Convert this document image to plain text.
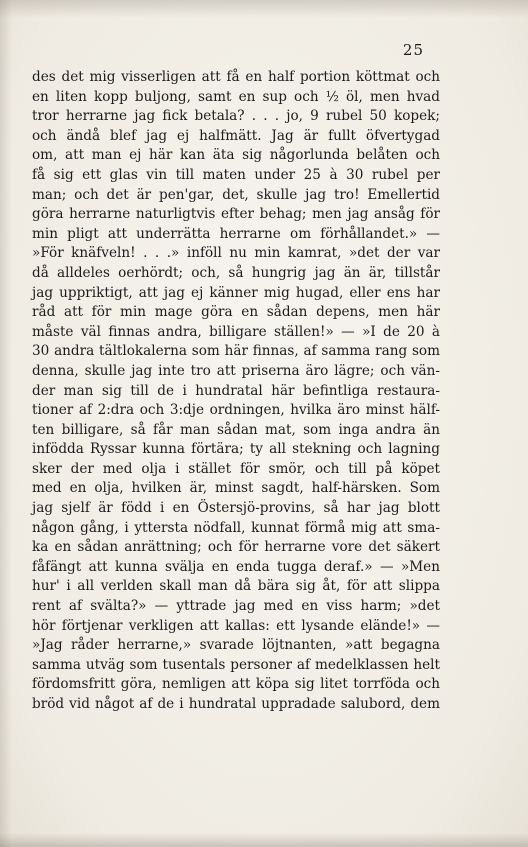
25
des det mig visserligen att få en half portion köttmat och
en liten kopp buljong, samt en sup och ½ öl, men hvad
tror herrarne jag fick betala? . . . jo, 9 rubel 50 kopek;
och ändå blef jag ej halfmätt. Jag är fullt öfvertygad
om, att man ej här kan äta sig någorlunda belåten och
få sig ett glas vin till maten under 25 à 30 rubel per
man; och det är pen'gar, det, skulle jag tro! Emellertid
göra herrarne naturligtvis efter behag; men jag ansåg för
min pligt att underrätta herrarne om förhållandet.» —
»För knäfveln! . . .» inföll nu min kamrat, »det der var
då alldeles oerhördt; och, så hungrig jag än är, tillstår
jag uppriktigt, att jag ej känner mig hugad, eller ens har
råd att för min mage göra en sådan depens, men här
måste väl finnas andra, billigare ställen!» — »I de 20 à
30 andra tältlokalerna som här finnas, af samma rang som
denna, skulle jag inte tro att priserna äro lägre; och vän-
der man sig till de i hundratal här befintliga restaura-
tioner af 2:dra och 3:dje ordningen, hvilka äro minst hälf-
ten billigare, så får man sådan mat, som inga andra än
infödda Ryssar kunna förtära; ty all stekning och lagning
sker der med olja i stället för smör, och till på köpet
med en olja, hvilken är, minst sagdt, half-härsken. Som
jag sjelf är född i en Östersjö-provins, så har jag blott
någon gång, i yttersta nödfall, kunnat förmå mig att sma-
ka en sådan anrättning; och för herrarne vore det säkert
fåfängt att kunna svälja en enda tugga deraf.» — »Men
hur' i all verlden skall man då bära sig åt, för att slippa
rent af svälta?» — yttrade jag med en viss harm; »det
hör förtjenar verkligen att kallas: ett lysande elände!» —
»Jag råder herrarne,» svarade löjtnanten, »att begagna
samma utväg som tusentals personer af medelklassen helt
fördomsfritt göra, nemligen att köpa sig litet torrföda och
bröd vid något af de i hundratal uppradade salubord, dem
